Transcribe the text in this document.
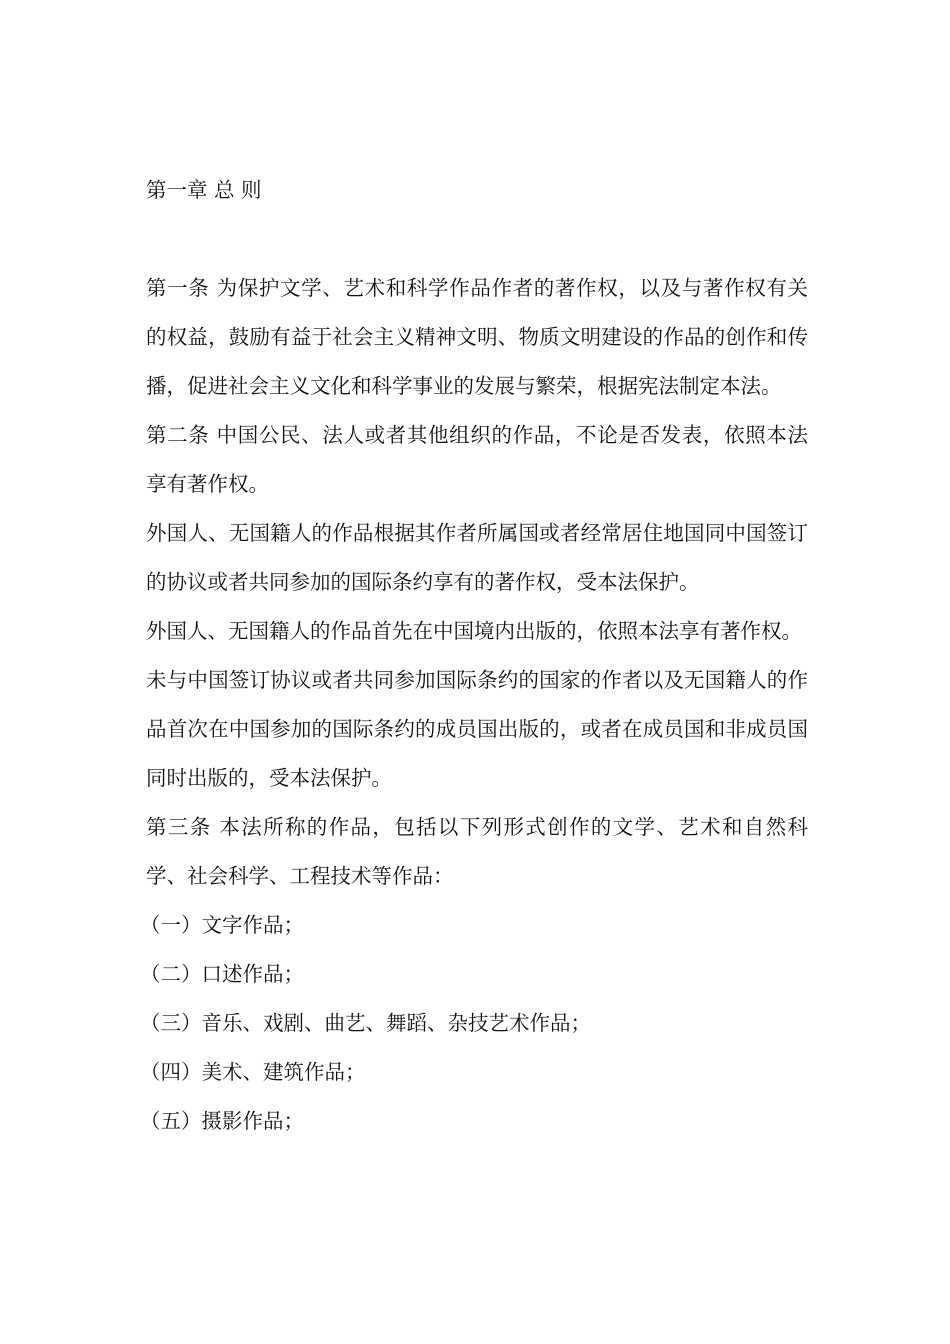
第一章 总 则

第一条 为保护文学、艺术和科学作品作者的著作权，以及与著作权有关的权益，鼓励有益于社会主义精神文明、物质文明建设的作品的创作和传播，促进社会主义文化和科学事业的发展与繁荣，根据宪法制定本法。

第二条 中国公民、法人或者其他组织的作品，不论是否发表，依照本法享有著作权。

外国人、无国籍人的作品根据其作者所属国或者经常居住地国同中国签订的协议或者共同参加的国际条约享有的著作权，受本法保护。

外国人、无国籍人的作品首先在中国境内出版的，依照本法享有著作权。

未与中国签订协议或者共同参加国际条约的国家的作者以及无国籍人的作品首次在中国参加的国际条约的成员国出版的，或者在成员国和非成员国同时出版的，受本法保护。

第三条 本法所称的作品，包括以下列形式创作的文学、艺术和自然科学、社会科学、工程技术等作品：

（一）文字作品；

（二）口述作品；

（三）音乐、戏剧、曲艺、舞蹈、杂技艺术作品；

（四）美术、建筑作品；

（五）摄影作品；
